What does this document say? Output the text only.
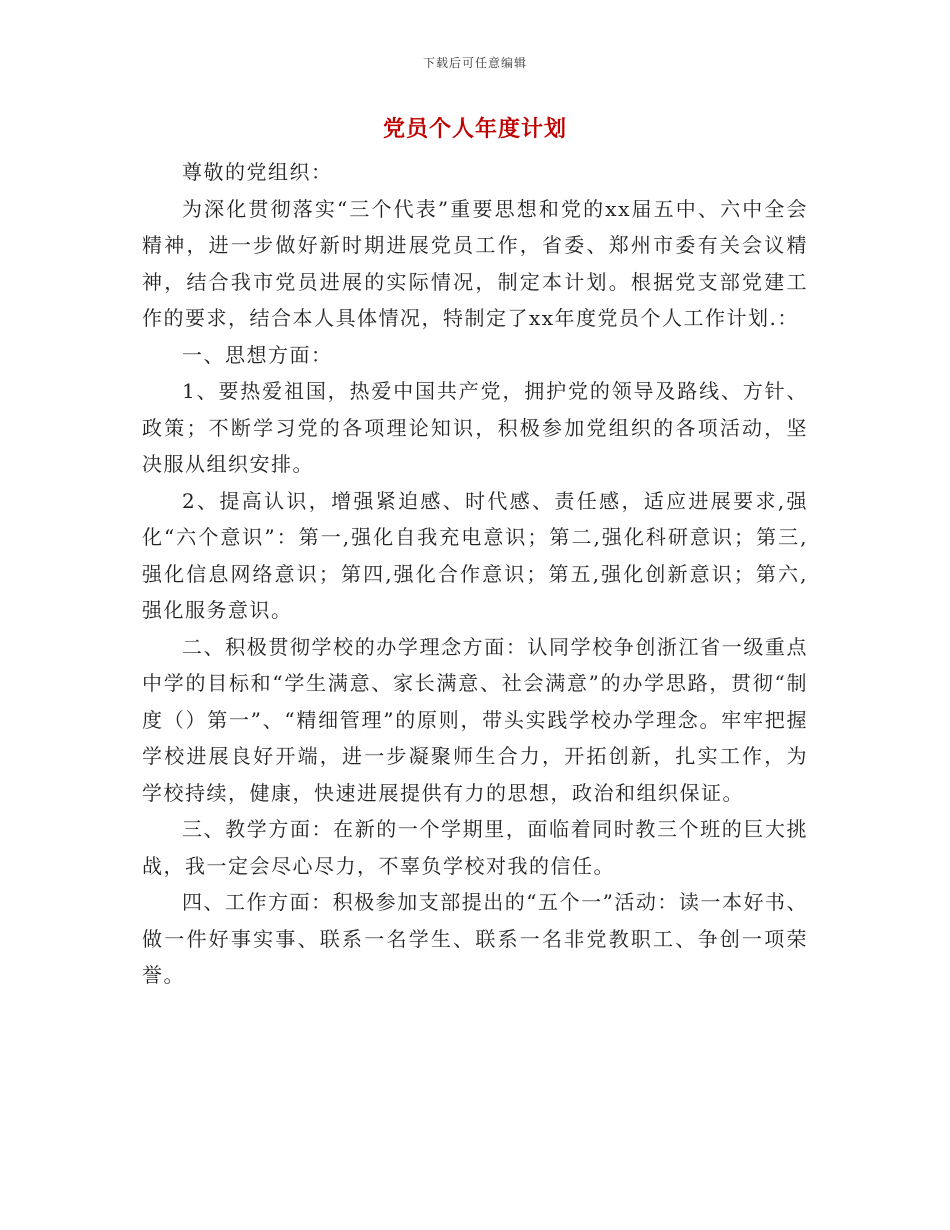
下载后可任意编辑
党员个人年度计划

尊敬的党组织：

为深化贯彻落实“三个代表”重要思想和党的xx届五中、六中全会精神，进一步做好新时期进展党员工作，省委、郑州市委有关会议精神，结合我市党员进展的实际情况，制定本计划。根据党支部党建工作的要求，结合本人具体情况，特制定了xx年度党员个人工作计划.：

一、思想方面：

1、要热爱祖国，热爱中国共产党，拥护党的领导及路线、方针、政策；不断学习党的各项理论知识，积极参加党组织的各项活动，坚决服从组织安排。

2、提高认识，增强紧迫感、时代感、责任感，适应进展要求,强化“六个意识”：第一,强化自我充电意识；第二,强化科研意识；第三,强化信息网络意识；第四,强化合作意识；第五,强化创新意识；第六,强化服务意识。

二、积极贯彻学校的办学理念方面：认同学校争创浙江省一级重点中学的目标和“学生满意、家长满意、社会满意”的办学思路，贯彻“制度（）第一”、“精细管理”的原则，带头实践学校办学理念。牢牢把握学校进展良好开端，进一步凝聚师生合力，开拓创新，扎实工作，为学校持续，健康，快速进展提供有力的思想，政治和组织保证。

三、教学方面：在新的一个学期里，面临着同时教三个班的巨大挑战，我一定会尽心尽力，不辜负学校对我的信任。

四、工作方面：积极参加支部提出的“五个一”活动：读一本好书、做一件好事实事、联系一名学生、联系一名非党教职工、争创一项荣誉。
